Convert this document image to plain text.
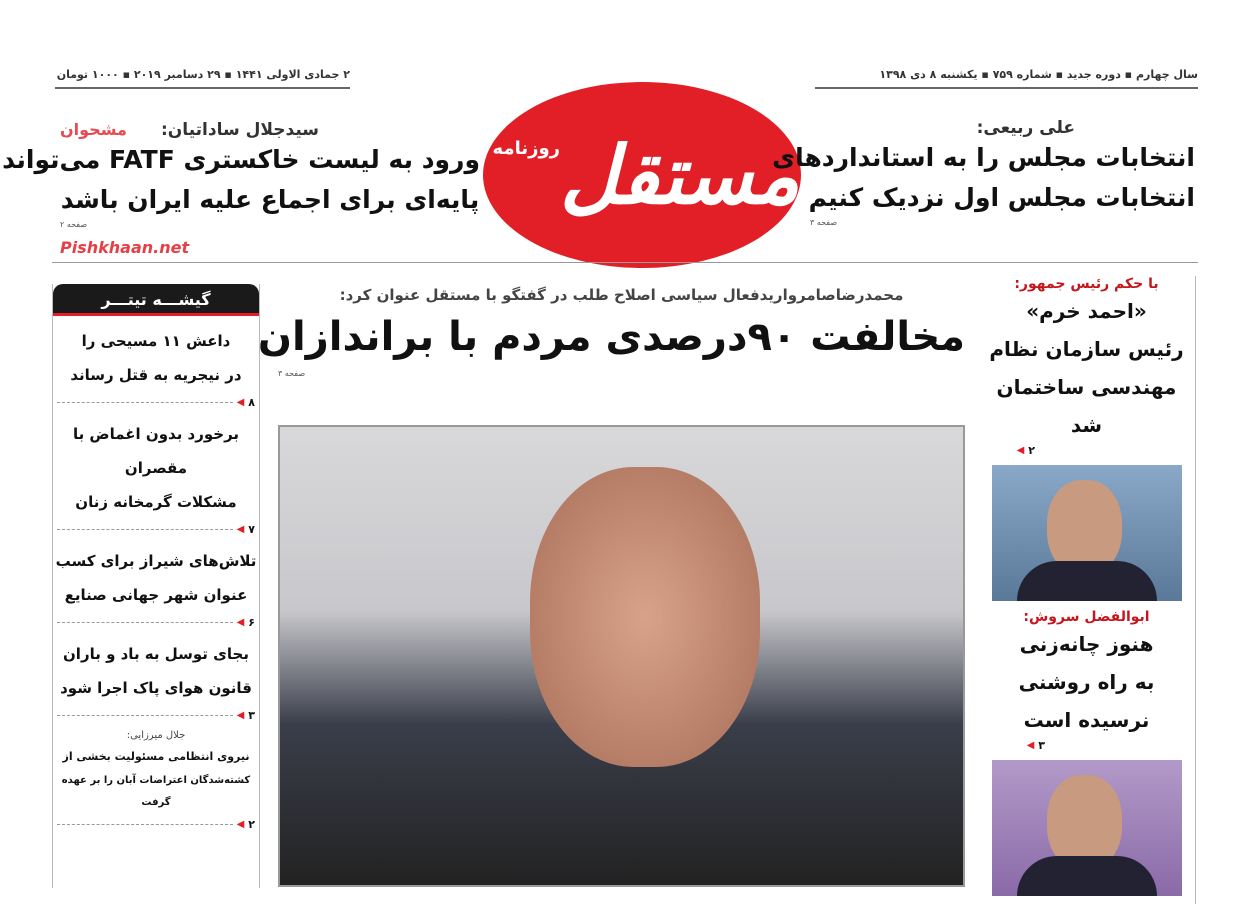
۲ جمادی الاولی ۱۴۴۱ ▪ ۲۹ دسامبر ۲۰۱۹ ▪ ۱۰۰۰ تومان	سال چهارم ▪ دوره جدید ▪ شماره ۷۵۹ ▪ یکشنبه ۸ دی ۱۳۹۸
مستقل
روزنامه
سیدجلال ساداتیان:
ورود به لیست خاکستری FATF می‌تواند
پایه‌ای برای اجماع علیه ایران باشد
صفحه ۲
Pishkhaan.net
مشحوان	علی ربیعی:
انتخابات مجلس را به استانداردهای
انتخابات مجلس اول نزدیک کنیم
صفحه ۳
گیشـــه تیتـــر
داعش ۱۱ مسیحی را
در نیجریه به قتل رساند
۸
◀
برخورد بدون اغماض با مقصران
مشکلات گرمخانه زنان
۷
◀
تلاش‌های شیراز برای کسب
عنوان شهر جهانی صنایع
۶
◀
بجای توسل به باد و باران
قانون هوای پاک اجرا شود
۳
◀
جلال میرزایی:
نیروی انتظامی مسئولیت بخشی از
کشته‌شدگان اعتراضات آبان را بر عهده گرفت
۲
◀
محمدرضاصامرواریدفعال سیاسی اصلاح طلب در گفتگو با مستقل عنوان کرد:
مخالفت ۹۰درصدی مردم با براندازان
صفحه ۳
با حکم رئیس جمهور:
«احمد خرم»
رئیس سازمان نظام
مهندسی ساختمان شد
۲
◀
ابوالفضل سروش:
هنوز چانه‌زنی
به راه روشنی
نرسیده است
۳
◀
